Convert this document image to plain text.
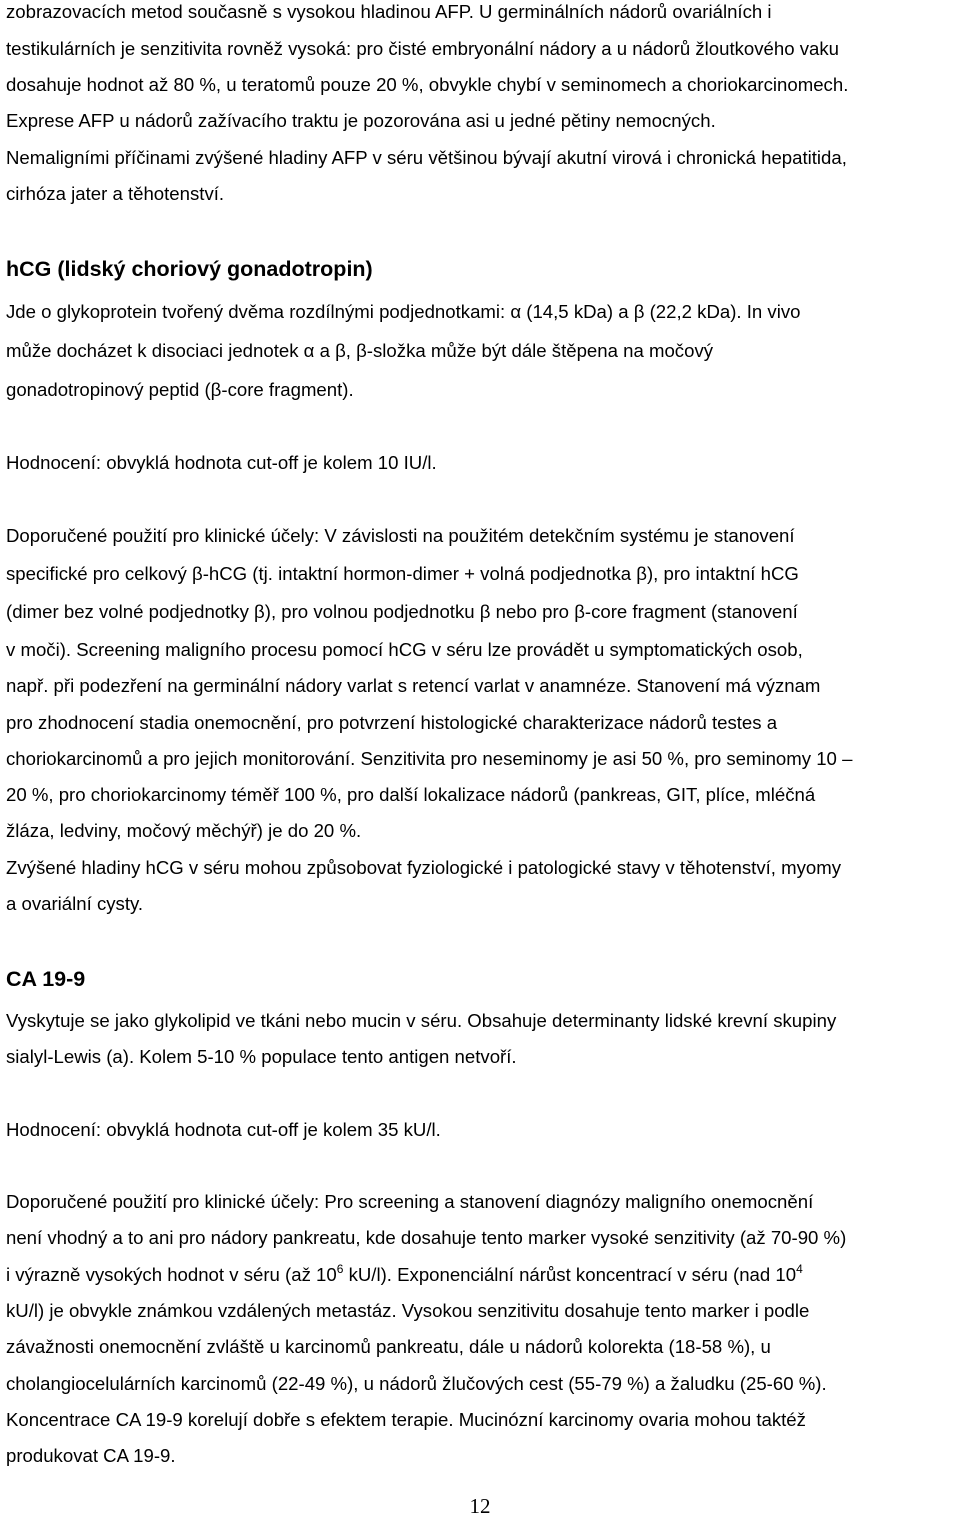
zobrazovacích metod současně s vysokou hladinou AFP. U germinálních nádorů ovariálních i
testikulárních je senzitivita rovněž vysoká: pro čisté embryonální nádory a u nádorů žloutkového vaku
dosahuje hodnot až 80 %, u teratomů pouze 20 %, obvykle chybí v seminomech a choriokarcinomech.
Exprese AFP u nádorů zažívacího traktu je pozorována asi u jedné pětiny nemocných.
Nemaligními příčinami zvýšené hladiny AFP v séru většinou bývají akutní virová i chronická hepatitida,
cirhóza jater a těhotenství.
hCG (lidský choriový gonadotropin)
Jde o glykoprotein tvořený dvěma rozdílnými podjednotkami: α (14,5 kDa) a β (22,2 kDa). In vivo
může docházet k disociaci jednotek α a β, β-složka může být dále štěpena na močový
gonadotropinový peptid (β-core fragment).
Hodnocení: obvyklá hodnota cut-off je kolem 10 IU/l.
Doporučené použití pro klinické účely: V závislosti na použitém detekčním systému je stanovení
specifické pro celkový β-hCG (tj. intaktní hormon-dimer + volná podjednotka β), pro intaktní hCG
(dimer bez volné podjednotky β), pro volnou podjednotku β nebo pro β-core fragment (stanovení
v moči). Screening maligního procesu pomocí hCG v séru lze provádět u symptomatických osob,
např. při podezření na germinální nádory varlat s retencí varlat v anamnéze. Stanovení má význam
pro zhodnocení stadia onemocnění, pro potvrzení histologické charakterizace nádorů testes a
choriokarcinomů a pro jejich monitorování. Senzitivita pro neseminomy je asi 50 %, pro seminomy 10 –
20 %, pro choriokarcinomy téměř 100 %, pro další lokalizace nádorů (pankreas, GIT, plíce, mléčná
žláza, ledviny, močový měchýř) je do 20 %.
Zvýšené hladiny hCG v séru mohou způsobovat fyziologické i patologické stavy v těhotenství, myomy
a ovariální cysty.
CA 19-9
Vyskytuje se jako glykolipid ve tkáni nebo mucin v séru. Obsahuje determinanty lidské krevní skupiny
sialyl-Lewis (a). Kolem 5-10 % populace tento antigen netvoří.
Hodnocení: obvyklá hodnota cut-off je kolem 35 kU/l.
Doporučené použití pro klinické účely: Pro screening a stanovení diagnózy maligního onemocnění
není vhodný a to ani pro nádory pankreatu, kde dosahuje tento marker vysoké senzitivity (až 70-90 %)
i výrazně vysokých hodnot v séru (až $10^6$ kU/l). Exponenciální nárůst koncentrací v séru (nad $10^4$
kU/l) je obvykle známkou vzdálených metastáz. Vysokou senzitivitu dosahuje tento marker i podle
závažnosti onemocnění zvláště u karcinomů pankreatu, dále u nádorů kolorekta (18-58 %), u
cholangiocelulárních karcinomů (22-49 %), u nádorů žlučových cest (55-79 %) a žaludku (25-60 %).
Koncentrace CA 19-9 korelují dobře s efektem terapie. Mucinózní karcinomy ovaria mohou taktéž
produkovat CA 19-9.
12
